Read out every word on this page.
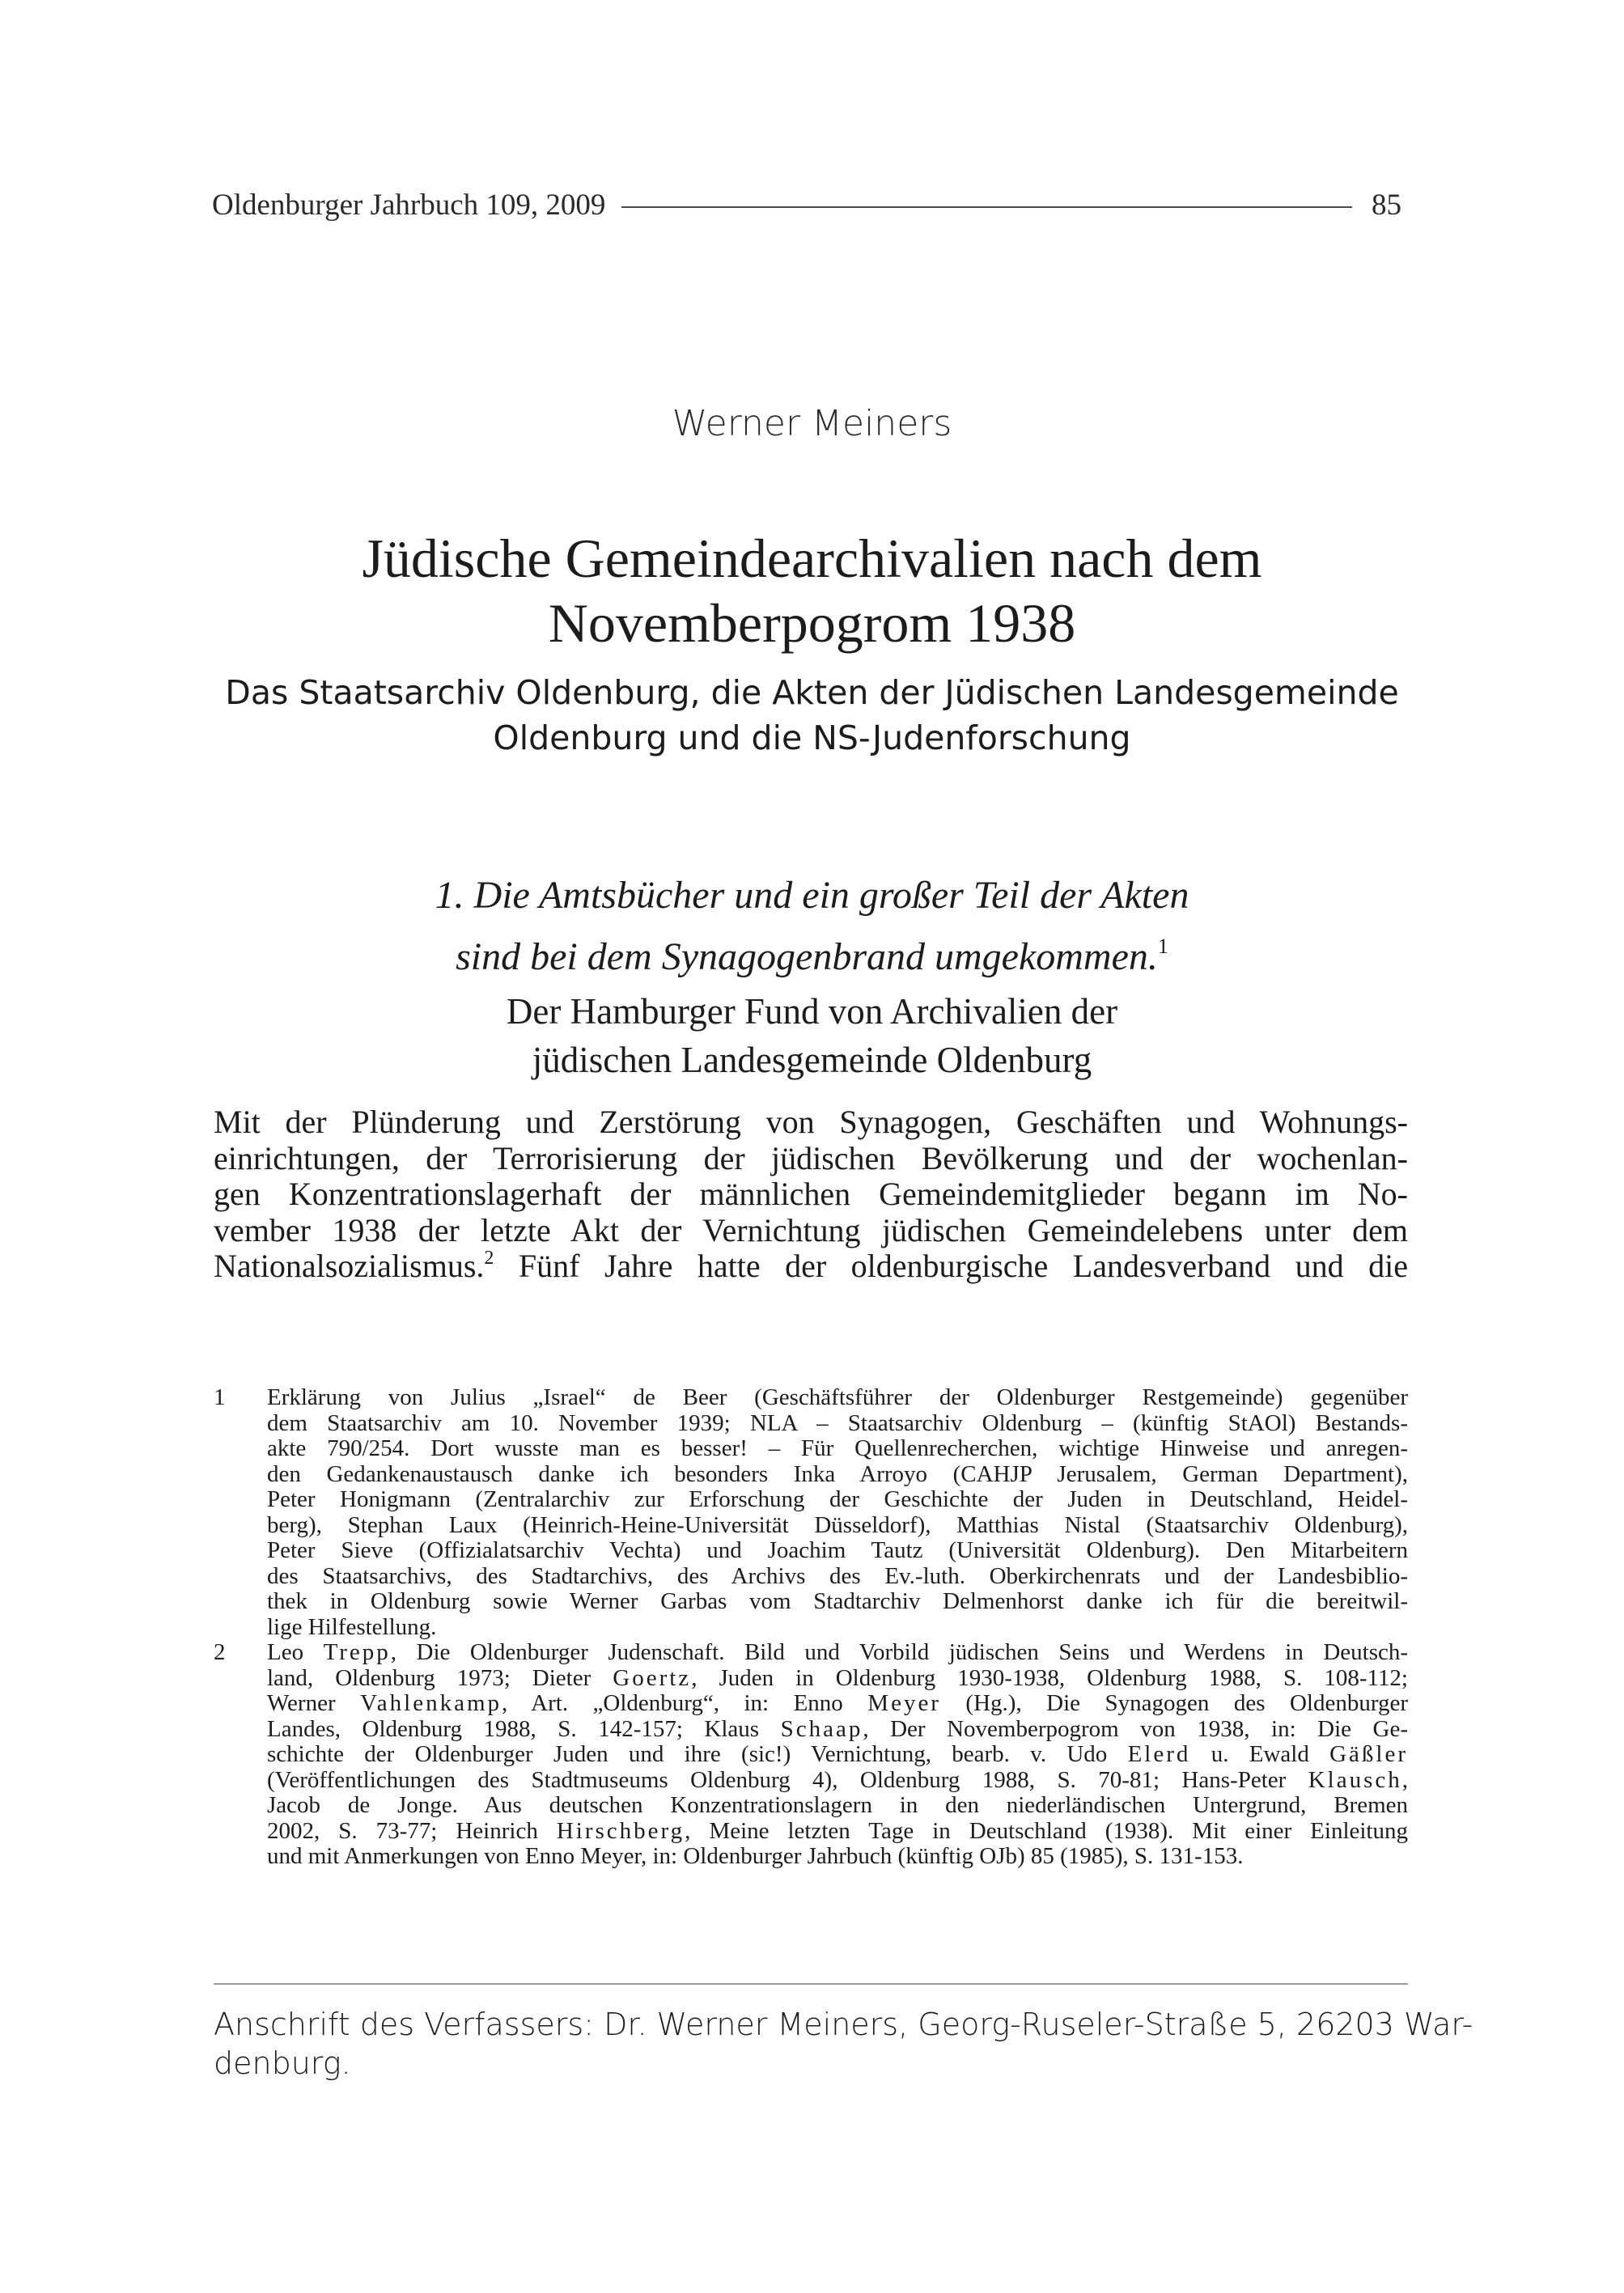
Oldenburger Jahrbuch 109, 2009	85
Werner Meiners
Jüdische Gemeindearchivalien nach dem
Novemberpogrom 1938
Das Staatsarchiv Oldenburg, die Akten der Jüdischen Landesgemeinde
Oldenburg und die NS-Judenforschung
1. Die Amtsbücher und ein großer Teil der Akten
sind bei dem Synagogenbrand umgekommen.$^1$
Der Hamburger Fund von Archivalien der
jüdischen Landesgemeinde Oldenburg
Mit der Plünderung und Zerstörung von Synagogen, Geschäften und Wohnungs-
einrichtungen, der Terrorisierung der jüdischen Bevölkerung und der wochenlan-
gen Konzentrationslagerhaft der männlichen Gemeindemitglieder begann im No-
vember 1938 der letzte Akt der Vernichtung jüdischen Gemeindelebens unter dem
Nationalsozialismus.$^2$ Fünf Jahre hatte der oldenburgische Landesverband und die
1 Erklärung von Julius „Israel“ de Beer (Geschäftsführer der Oldenburger Restgemeinde) gegenüber
dem Staatsarchiv am 10. November 1939; NLA – Staatsarchiv Oldenburg – (künftig StAOl) Bestands-
akte 790/254. Dort wusste man es besser! – Für Quellenrecherchen, wichtige Hinweise und anregen-
den Gedankenaustausch danke ich besonders Inka Arroyo (CAHJP Jerusalem, German Department),
Peter Honigmann (Zentralarchiv zur Erforschung der Geschichte der Juden in Deutschland, Heidel-
berg), Stephan Laux (Heinrich-Heine-Universität Düsseldorf), Matthias Nistal (Staatsarchiv Oldenburg),
Peter Sieve (Offizialatsarchiv Vechta) und Joachim Tautz (Universität Oldenburg). Den Mitarbeitern
des Staatsarchivs, des Stadtarchivs, des Archivs des Ev.-luth. Oberkirchenrats und der Landesbiblio-
thek in Oldenburg sowie Werner Garbas vom Stadtarchiv Delmenhorst danke ich für die bereitwil-
lige Hilfestellung.
2 Leo Trepp, Die Oldenburger Judenschaft. Bild und Vorbild jüdischen Seins und Werdens in Deutsch-
land, Oldenburg 1973; Dieter Goertz, Juden in Oldenburg 1930-1938, Oldenburg 1988, S. 108-112;
Werner Vahlenkamp, Art. „Oldenburg“, in: Enno Meyer (Hg.), Die Synagogen des Oldenburger
Landes, Oldenburg 1988, S. 142-157; Klaus Schaap, Der Novemberpogrom von 1938, in: Die Ge-
schichte der Oldenburger Juden und ihre (sic!) Vernichtung, bearb. v. Udo Elerd u. Ewald Gäßler
(Veröffentlichungen des Stadtmuseums Oldenburg 4), Oldenburg 1988, S. 70-81; Hans-Peter Klausch,
Jacob de Jonge. Aus deutschen Konzentrationslagern in den niederländischen Untergrund, Bremen
2002, S. 73-77; Heinrich Hirschberg, Meine letzten Tage in Deutschland (1938). Mit einer Einleitung
und mit Anmerkungen von Enno Meyer, in: Oldenburger Jahrbuch (künftig OJb) 85 (1985), S. 131-153.
Anschrift des Verfassers: Dr. Werner Meiners, Georg-Ruseler-Straße 5, 26203 War-
denburg.
